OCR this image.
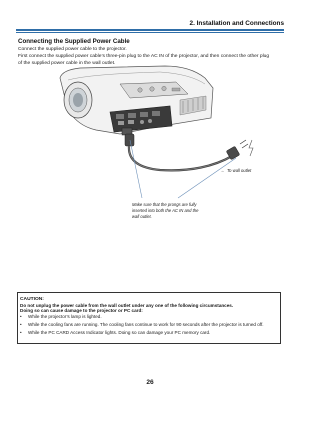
2. Installation and Connections
Connecting the Supplied Power Cable
Connect the supplied power cable to the projector.
First connect the supplied power cable’s three-pin plug to the AC IN of the projector, and then connect the other plug
of the supplied power cable in the wall outlet.
→ To wall outlet
Make sure that the prongs are fully
inserted into both the AC IN and the
wall outlet.
CAUTION:
Do not unplug the power cable from the wall outlet under any one of the following circumstances.
Doing so can cause damage to the projector or PC card:
• While the projector’s lamp is lighted.
• While the cooling fans are running. The cooling fans continue to work for 90 seconds after the projector is turned off.
• While the PC CARD Access Indicator lights. Doing so can damage your PC memory card.
26
